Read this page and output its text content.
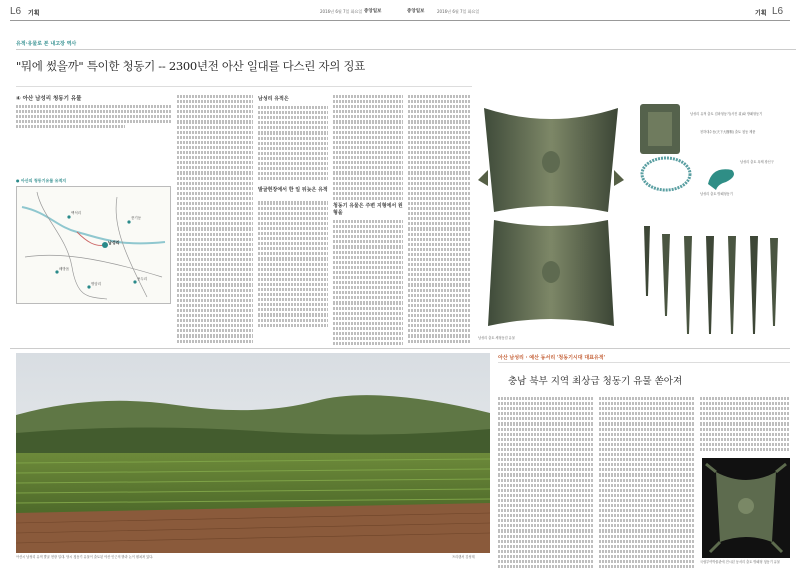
L6 기획	2016년 6월 7일 화요일 중앙일보	중앙일보	2016년 6월 7일 화요일	기획 L6
유적·유물로 본 내고장 역사
"뭐에 썼을까" 특이한 청동기 -- 2300년전 아산 일대를 다스린 자의 징표
④ 아산 남성리 청동기 유물
● 아산의 청동기유물 유적지
백석리
풍기동
남성리
배방읍
용두리
명암리
남성리 유적은
발굴현장에서 한 일 뒤늦은 유적
청동기 유물은 주변 지형에서 원형을
남성리 유적 출토 검파형동기(사진 위)와 방패형동기
천하대수동(天下大樹桐) 출토 청동 제품
남성리 출토 옥제 장신구
남성리 출토 방패형동기
남성리 출토 세형동검 유물
아산시 남성리 유적 발굴 현장 일대. 당시 청동기 유물이 출토된 야산 인근의 밭과 논이 펼쳐져 있다.	프리랜서 김성태
아산 남성리 · 예산 동서리 '청동기시대 대표유적'
충남 북부 지역 최상급 청동기 유물 쏟아져
국립부여박물관에 전시된 동서리 출토 방패형 청동기 유물
